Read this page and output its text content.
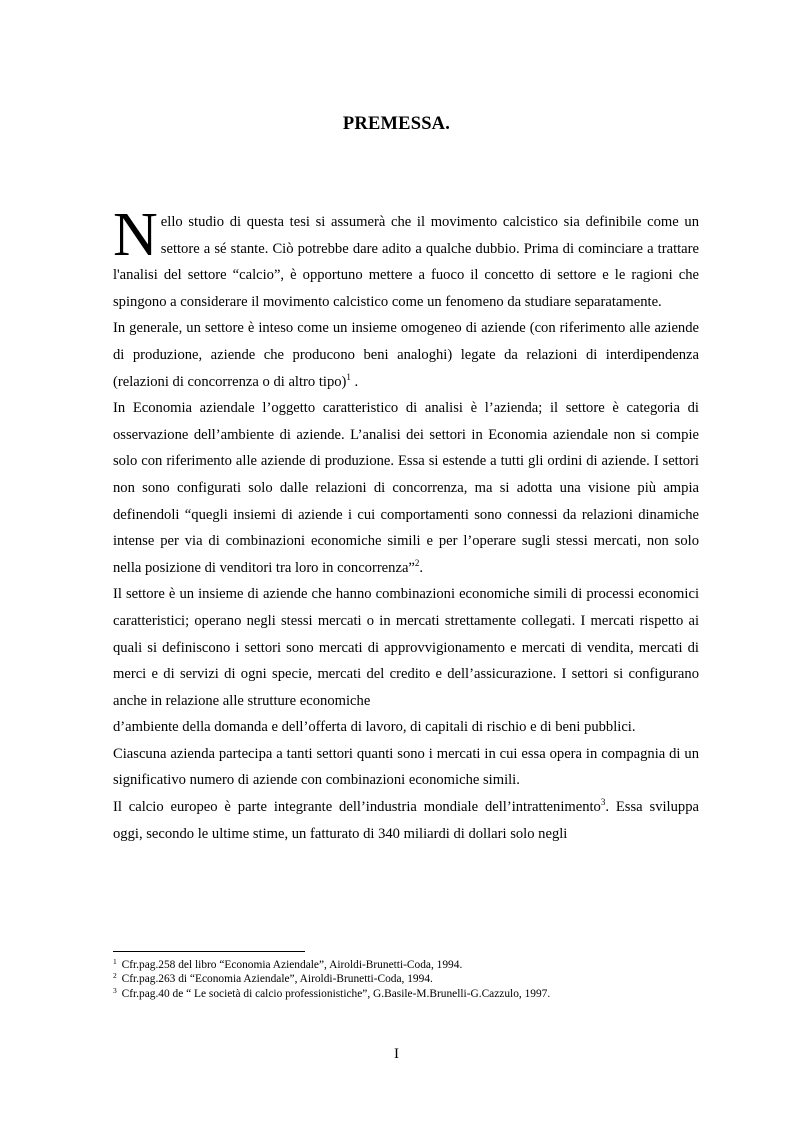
PREMESSA.

Nello studio di questa tesi si assumerà che il movimento calcistico sia definibile come un settore a sé stante. Ciò potrebbe dare adito a qualche dubbio. Prima di cominciare a trattare l'analisi del settore “calcio”, è opportuno mettere a fuoco il concetto di settore e le ragioni che spingono a considerare il movimento calcistico come un fenomeno da studiare separatamente.

In generale, un settore è inteso come un insieme omogeneo di aziende (con riferimento alle aziende di produzione, aziende che producono beni analoghi) legate da relazioni di interdipendenza (relazioni di concorrenza o di altro tipo)$^1$ .

In Economia aziendale l’oggetto caratteristico di analisi è l’azienda; il settore è categoria di osservazione dell’ambiente di aziende. L’analisi dei settori in Economia aziendale non si compie solo con riferimento alle aziende di produzione. Essa si estende a tutti gli ordini di aziende. I settori non sono configurati solo dalle relazioni di concorrenza, ma si adotta una visione più ampia definendoli “quegli insiemi di aziende i cui comportamenti sono connessi da relazioni dinamiche intense per via di combinazioni economiche simili e per l’operare sugli stessi mercati, non solo nella posizione di venditori tra loro in concorrenza”$^2$.

Il settore è un insieme di aziende che hanno combinazioni economiche simili di processi economici caratteristici; operano negli stessi mercati o in mercati strettamente collegati. I mercati rispetto ai quali si definiscono i settori sono mercati di approvvigionamento e mercati di vendita, mercati di merci e di servizi di ogni specie, mercati del credito e dell’assicurazione. I settori si configurano anche in relazione alle strutture economiche

d’ambiente della domanda e dell’offerta di lavoro, di capitali di rischio e di beni pubblici.

Ciascuna azienda partecipa a tanti settori quanti sono i mercati in cui essa opera in compagnia di un significativo numero di aziende con combinazioni economiche simili.

Il calcio europeo è parte integrante dell’industria mondiale dell’intrattenimento$^3$. Essa sviluppa oggi, secondo le ultime stime, un fatturato di 340 miliardi di dollari solo negli

$^1$ Cfr.pag.258 del libro “Economia Aziendale”, Airoldi-Brunetti-Coda, 1994.
$^2$ Cfr.pag.263 di “Economia Aziendale”, Airoldi-Brunetti-Coda, 1994.
$^3$ Cfr.pag.40 de “ Le società di calcio professionistiche”, G.Basile-M.Brunelli-G.Cazzulo, 1997.
I
